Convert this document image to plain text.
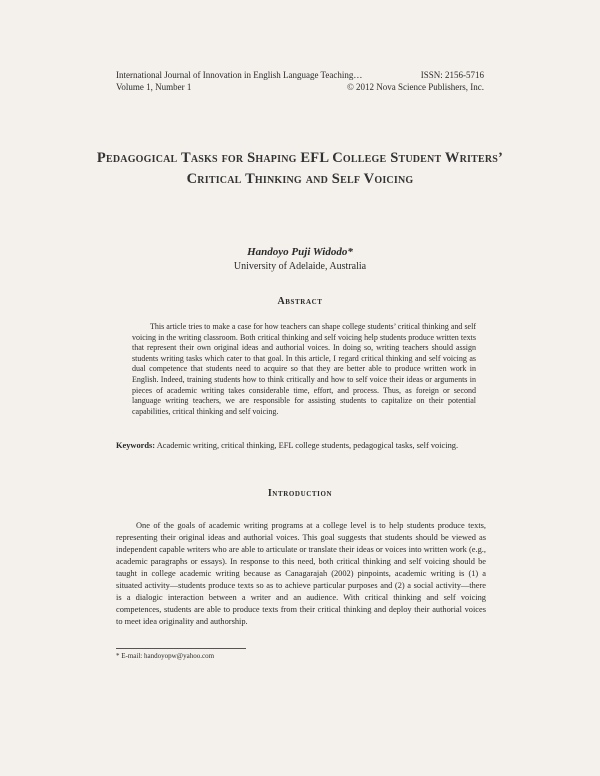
International Journal of Innovation in English Language Teaching…	ISSN: 2156-5716
Volume 1, Number 1	© 2012 Nova Science Publishers, Inc.
Pedagogical Tasks for Shaping EFL College Student Writers’ Critical Thinking and Self Voicing
Handoyo Puji Widodo*
University of Adelaide, Australia
Abstract

This article tries to make a case for how teachers can shape college students’ critical thinking and self voicing in the writing classroom. Both critical thinking and self voicing help students produce written texts that represent their own original ideas and authorial voices. In doing so, writing teachers should assign students writing tasks which cater to that goal. In this article, I regard critical thinking and self voicing as dual competence that students need to acquire so that they are better able to produce written work in English. Indeed, training students how to think critically and how to self voice their ideas or arguments in pieces of academic writing takes considerable time, effort, and process. Thus, as foreign or second language writing teachers, we are responsible for assisting students to capitalize on their potential capabilities, critical thinking and self voicing.

Keywords: Academic writing, critical thinking, EFL college students, pedagogical tasks, self voicing.

Introduction

One of the goals of academic writing programs at a college level is to help students produce texts, representing their original ideas and authorial voices. This goal suggests that students should be viewed as independent capable writers who are able to articulate or translate their ideas or voices into written work (e.g., academic paragraphs or essays). In response to this need, both critical thinking and self voicing should be taught in college academic writing because as Canagarajah (2002) pinpoints, academic writing is (1) a situated activity—students produce texts so as to achieve particular purposes and (2) a social activity—there is a dialogic interaction between a writer and an audience. With critical thinking and self voicing competences, students are able to produce texts from their critical thinking and deploy their authorial voices to meet idea originality and authorship.

* E-mail: handoyopw@yahoo.com
